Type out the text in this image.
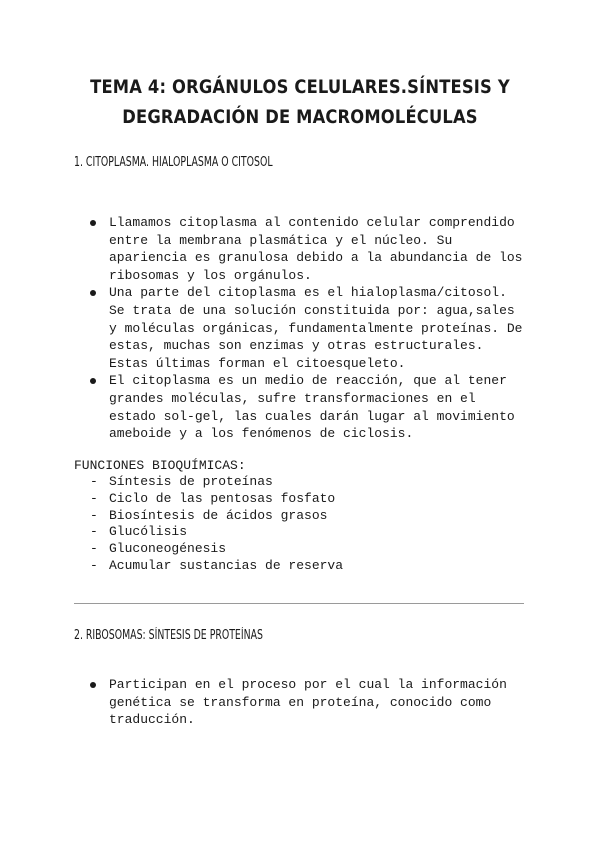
TEMA 4: ORGÁNULOS CELULARES.SÍNTESIS Y
DEGRADACIÓN DE MACROMOLÉCULAS
1. CITOPLASMA. HIALOPLASMA O CITOSOL
Llamamos citoplasma al contenido celular comprendido entre la membrana plasmática y el núcleo. Su apariencia es granulosa debido a la abundancia de los ribosomas y los orgánulos.
Una parte del citoplasma es el hialoplasma/citosol. Se trata de una solución constituida por: agua,sales y moléculas orgánicas, fundamentalmente proteínas. De estas, muchas son enzimas y otras estructurales. Estas últimas forman el citoesqueleto.
El citoplasma es un medio de reacción, que al tener grandes moléculas, sufre transformaciones en el estado sol-gel, las cuales darán lugar al movimiento ameboide y a los fenómenos de ciclosis.
FUNCIONES BIOQUÍMICAS:
- Síntesis de proteínas
- Ciclo de las pentosas fosfato
- Biosíntesis de ácidos grasos
- Glucólisis
- Gluconeogénesis
- Acumular sustancias de reserva
2. RIBOSOMAS: SÍNTESIS DE PROTEÍNAS
Participan en el proceso por el cual la información genética se transforma en proteína, conocido como traducción.
